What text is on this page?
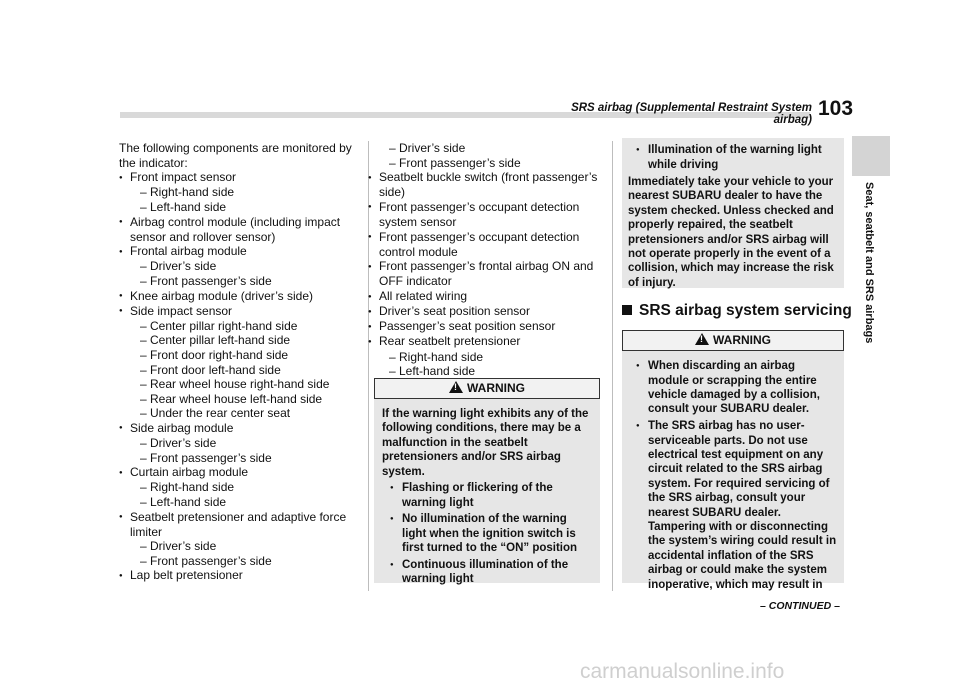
SRS airbag (Supplemental Restraint System airbag) 103
Seat, seatbelt and SRS airbags

The following components are monitored by the indicator:

● Front impact sensor

– Right-hand side

– Left-hand side

● Airbag control module (including impact sensor and rollover sensor)

● Frontal airbag module

– Driver’s side

– Front passenger’s side

● Knee airbag module (driver’s side)

● Side impact sensor

– Center pillar right-hand side

– Center pillar left-hand side

– Front door right-hand side

– Front door left-hand side

– Rear wheel house right-hand side

– Rear wheel house left-hand side

– Under the rear center seat

● Side airbag module

– Driver’s side

– Front passenger’s side

● Curtain airbag module

– Right-hand side

– Left-hand side

● Seatbelt pretensioner and adaptive force limiter

– Driver’s side

– Front passenger’s side

● Lap belt pretensioner

– Driver’s side

– Front passenger’s side

● Seatbelt buckle switch (front passenger’s side)

● Front passenger’s occupant detection system sensor

● Front passenger’s occupant detection control module

● Front passenger’s frontal airbag ON and OFF indicator

● All related wiring

● Driver’s seat position sensor

● Passenger’s seat position sensor

● Rear seatbelt pretensioner

– Right-hand side

– Left-hand side

!WARNING

If the warning light exhibits any of the following conditions, there may be a malfunction in the seatbelt pretensioners and/or SRS airbag system.

● Flashing or flickering of the warning light

● No illumination of the warning light when the ignition switch is first turned to the “ON” position

● Continuous illumination of the warning light

● Illumination of the warning light while driving

Immediately take your vehicle to your nearest SUBARU dealer to have the system checked. Unless checked and properly repaired, the seatbelt pretensioners and/or SRS airbag will not operate properly in the event of a collision, which may increase the risk of injury.

SRS airbag system servicing
!WARNING

● When discarding an airbag module or scrapping the entire vehicle damaged by a collision, consult your SUBARU dealer.

● The SRS airbag has no user-serviceable parts. Do not use electrical test equipment on any circuit related to the SRS airbag system. For required servicing of the SRS airbag, consult your nearest SUBARU dealer. Tampering with or disconnecting the system’s wiring could result in accidental inflation of the SRS airbag or could make the system inoperative, which may result in

– CONTINUED –
carmanualsonline.info
